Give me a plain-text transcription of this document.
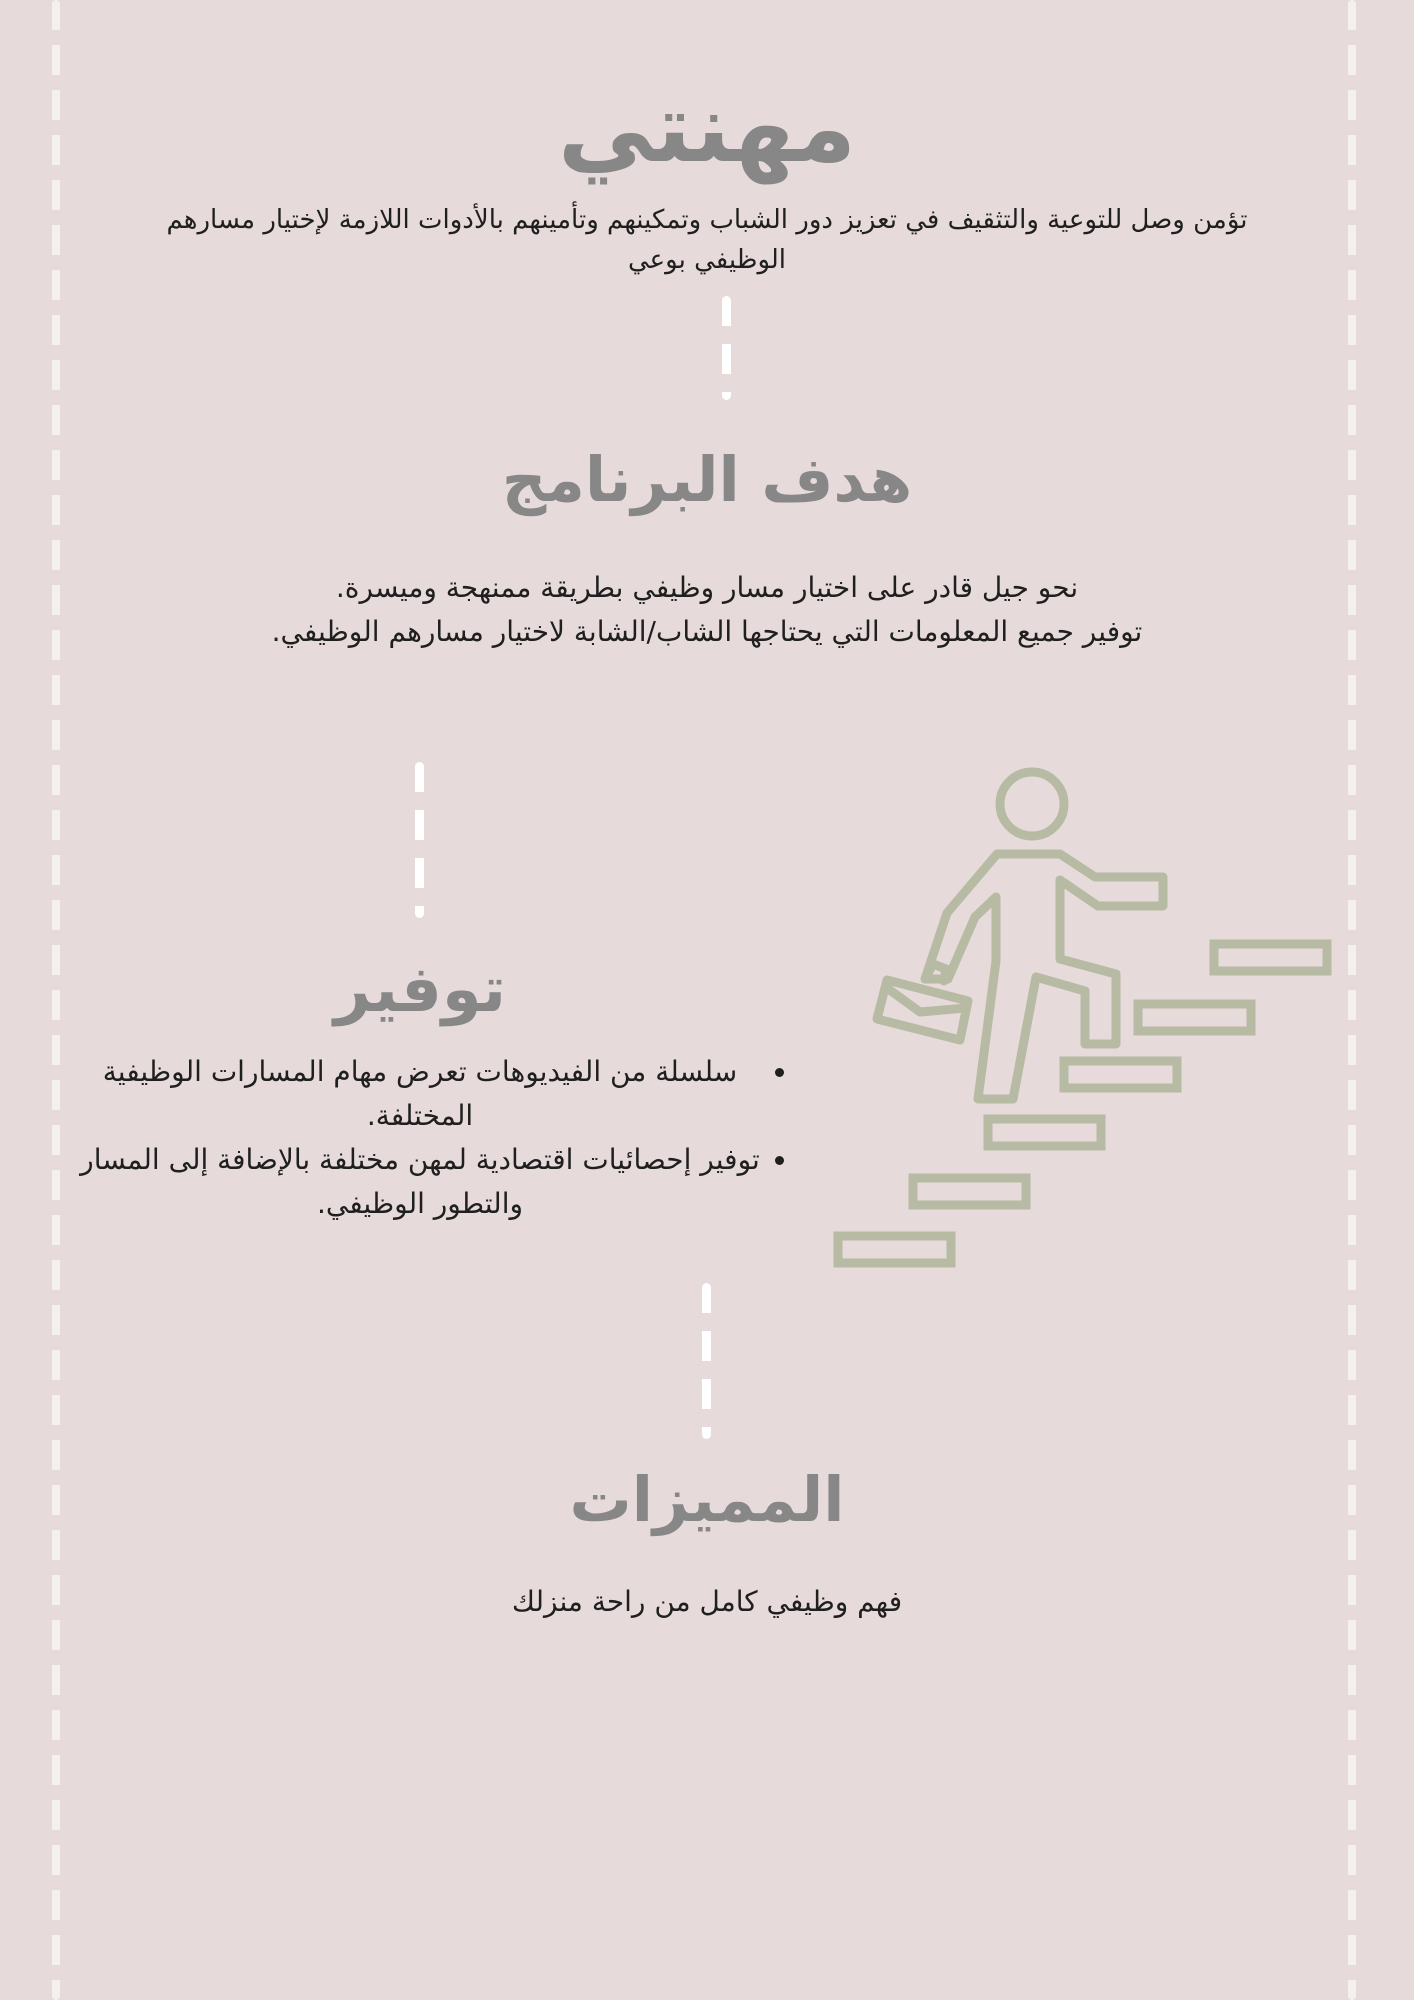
مهنتي

تؤمن وصل للتوعية والتثقيف في تعزيز دور الشباب وتمكينهم وتأمينهم بالأدوات اللازمة لإختيار مسارهم الوظيفي بوعي

هدف البرنامج
نحو جيل قادر على اختيار مسار وظيفي بطريقة ممنهجة وميسرة.
توفير جميع المعلومات التي يحتاجها الشاب/الشابة لاختيار مسارهم الوظيفي.
توفير
• سلسلة من الفيديوهات تعرض مهام المسارات الوظيفية المختلفة.
• توفير إحصائيات اقتصادية لمهن مختلفة بالإضافة إلى المسار والتطور الوظيفي.
المميزات

فهم وظيفي كامل من راحة منزلك
